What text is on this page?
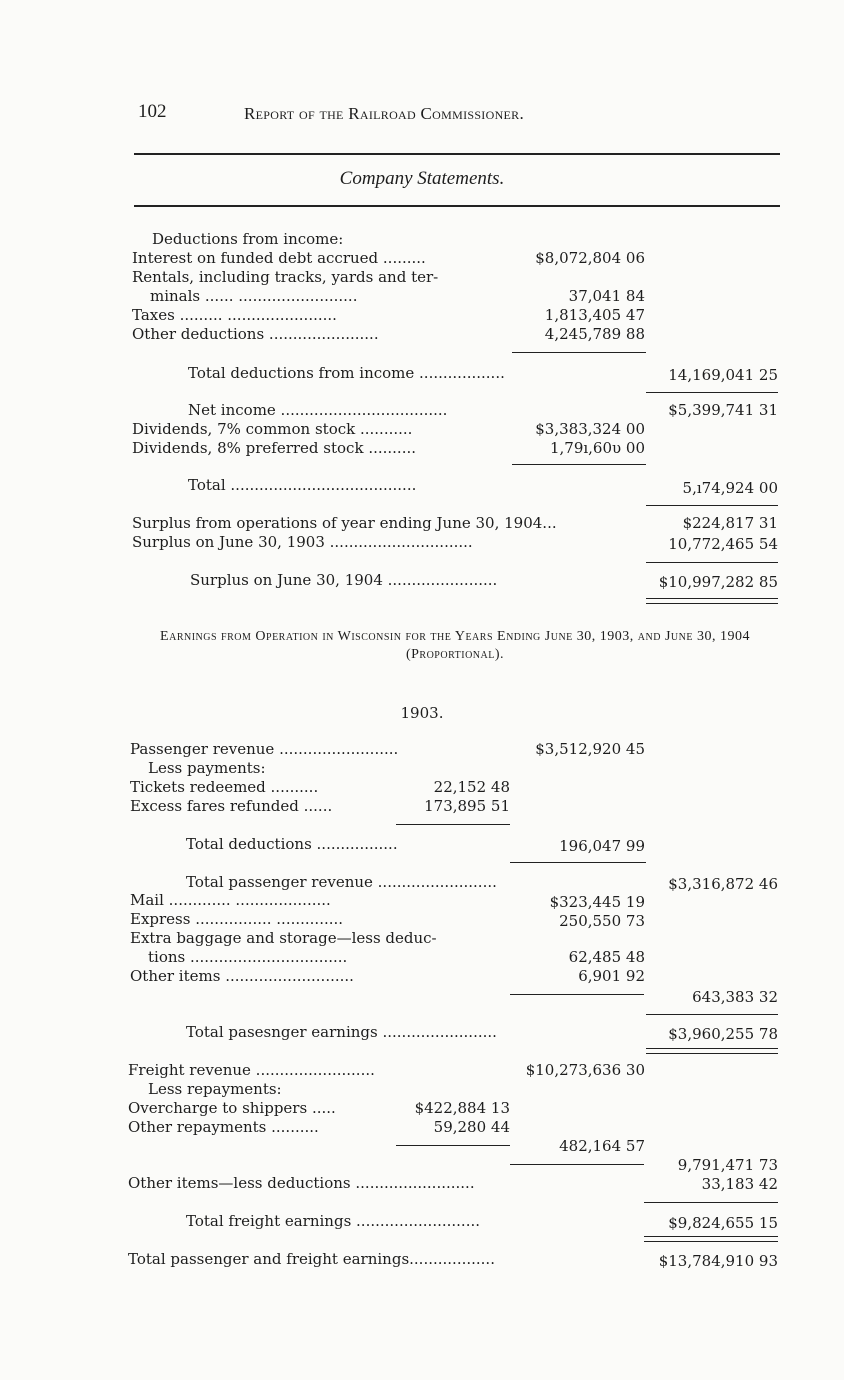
102	Report of the Railroad Commissioner.
Company Statements.
Deductions from income:
Interest on funded debt accrued .........	$8,072,804 06
Rentals, including tracks, yards and ter-
minals ...... .........................	37,041 84
Taxes ......... .......................	1,813,405 47
Other deductions .......................	4,245,789 88
Total deductions from income ..................	14,169,041 25
Net income ...................................	$5,399,741 31
Dividends, 7% common stock ...........	$3,383,324 00
Dividends, 8% preferred stock ..........	1,79ı,60υ 00
Total .......................................	5,ı74,924 00
Surplus from operations of year ending June 30, 1904...	$224,817 31
Surplus on June 30, 1903 ..............................	10,772,465 54
Surplus on June 30, 1904 .......................	$10,997,282 85
Earnings from Operation in Wisconsin for the Years Ending June 30, 1903, and June 30, 1904 (Proportional).
1903.
Passenger revenue .........................	$3,512,920 45
Less payments:
Tickets redeemed ..........	22,152 48
Excess fares refunded ......	173,895 51
Total deductions .................	196,047 99
Total passenger revenue .........................	$3,316,872 46
Mail ............. ....................	$323,445 19
Express ................ ..............	250,550 73
Extra baggage and storage—less deduc-
tions .................................	62,485 48
Other items ...........................	6,901 92
643,383 32
Total pasesnger earnings ........................	$3,960,255 78
Freight revenue .........................	$10,273,636 30
Less repayments:
Overcharge to shippers .....	$422,884 13
Other repayments ..........	59,280 44
482,164 57
9,791,471 73
Other items—less deductions .........................	33,183 42
Total freight earnings ..........................	$9,824,655 15
Total passenger and freight earnings..................	$13,784,910 93
